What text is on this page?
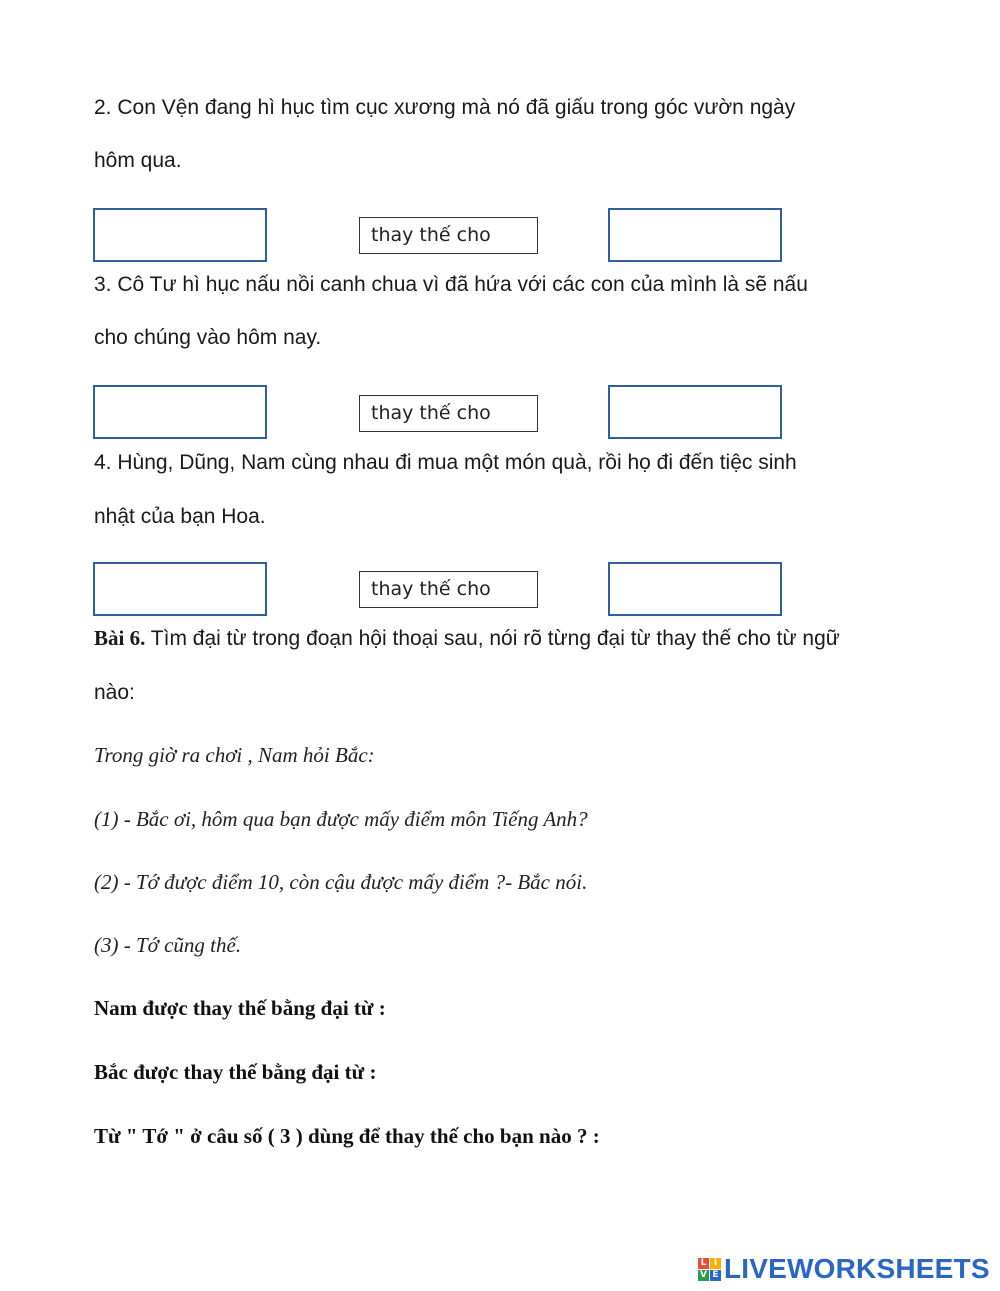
2. Con Vện đang hì hục tìm cục xương mà nó đã giấu trong góc vườn ngày
hôm qua.
thay thế cho
3. Cô Tư hì hục nấu nồi canh chua vì đã hứa với các con của mình là sẽ nấu
cho chúng vào hôm nay.
thay thế cho
4. Hùng, Dũng, Nam cùng nhau đi mua một món quà, rồi họ đi đến tiệc sinh
nhật của bạn Hoa.
thay thế cho
Bài 6. Tìm đại từ trong đoạn hội thoại sau, nói rõ từng đại từ thay thế cho từ ngữ
nào:
Trong giờ ra chơi , Nam hỏi Bắc:
(1) - Bắc ơi, hôm qua bạn được mấy điểm môn Tiếng Anh?
(2) - Tớ được điểm 10, còn cậu được mấy điểm ?- Bắc nói.
(3) - Tớ cũng thế.
Nam được thay thế bằng đại từ :
Bắc được thay thế bằng đại từ :
Từ " Tớ " ở câu số ( 3 ) dùng để thay thế cho bạn nào ? :
L I
V E LIVEWORKSHEETS
